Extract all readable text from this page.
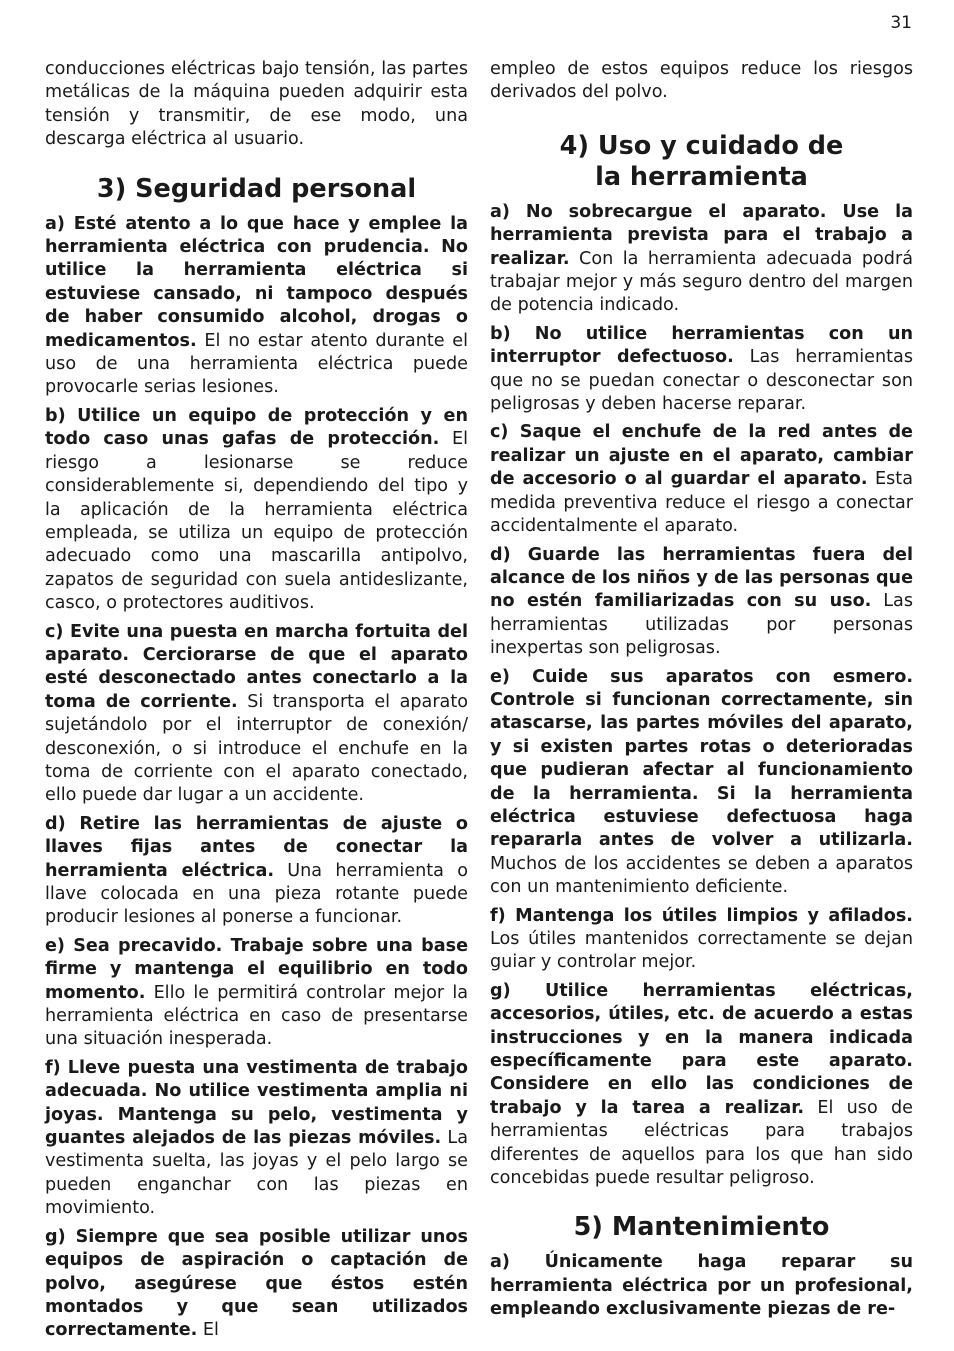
31

conducciones eléctricas bajo tensión, las partes metálicas de la máquina pueden adquirir esta tensión y transmitir, de ese modo, una descarga eléctrica al usuario.

3) Seguridad personal

a) Esté atento a lo que hace y emplee la herramienta eléctrica con prudencia. No utilice la herramienta eléctrica si estuviese cansado, ni tampoco después de haber consumido alcohol, drogas o medicamentos. El no estar atento durante el uso de una herramienta eléctrica puede provocarle serias lesiones.

b) Utilice un equipo de protección y en todo caso unas gafas de protección. El riesgo a lesionarse se reduce considerablemente si, dependiendo del tipo y la aplicación de la herramienta eléctrica empleada, se utiliza un equipo de protección adecuado como una mascarilla antipolvo, zapatos de seguridad con suela antideslizante, casco, o protectores auditivos.

c) Evite una puesta en marcha fortuita del aparato. Cerciorarse de que el aparato esté desconectado antes conectarlo a la toma de corriente. Si transporta el aparato sujetándolo por el interruptor de conexión/ desconexión, o si introduce el enchufe en la toma de corriente con el aparato conectado, ello puede dar lugar a un accidente.

d) Retire las herramientas de ajuste o llaves fijas antes de conectar la herramienta eléctrica. Una herramienta o llave colocada en una pieza rotante puede producir lesiones al ponerse a funcionar.

e) Sea precavido. Trabaje sobre una base firme y mantenga el equilibrio en todo momento. Ello le permitirá controlar mejor la herramienta eléctrica en caso de presentarse una situación inesperada.

f) Lleve puesta una vestimenta de trabajo adecuada. No utilice vestimenta amplia ni joyas. Mantenga su pelo, vestimenta y guantes alejados de las piezas móviles. La vestimenta suelta, las joyas y el pelo largo se pueden enganchar con las piezas en movimiento.

g) Siempre que sea posible utilizar unos equipos de aspiración o captación de polvo, asegúrese que éstos estén montados y que sean utilizados correctamente. El

empleo de estos equipos reduce los riesgos derivados del polvo.

4) Uso y cuidado de
la herramienta

a) No sobrecargue el aparato. Use la herramienta prevista para el trabajo a realizar. Con la herramienta adecuada podrá trabajar mejor y más seguro dentro del margen de potencia indicado.

b) No utilice herramientas con un interruptor defectuoso. Las herramientas que no se puedan conectar o desconectar son peligrosas y deben hacerse reparar.

c) Saque el enchufe de la red antes de realizar un ajuste en el aparato, cambiar de accesorio o al guardar el aparato. Esta medida preventiva reduce el riesgo a conectar accidentalmente el aparato.

d) Guarde las herramientas fuera del alcance de los niños y de las personas que no estén familiarizadas con su uso. Las herramientas utilizadas por personas inexpertas son peligrosas.

e) Cuide sus aparatos con esmero. Controle si funcionan correctamente, sin atascarse, las partes móviles del aparato, y si existen partes rotas o deterioradas que pudieran afectar al funcionamiento de la herramienta. Si la herramienta eléctrica estuviese defectuosa haga repararla antes de volver a utilizarla. Muchos de los accidentes se deben a aparatos con un mantenimiento deficiente.

f) Mantenga los útiles limpios y afilados. Los útiles mantenidos correctamente se dejan guiar y controlar mejor.

g) Utilice herramientas eléctricas, accesorios, útiles, etc. de acuerdo a estas instrucciones y en la manera indicada específicamente para este aparato. Considere en ello las condiciones de trabajo y la tarea a realizar. El uso de herramientas eléctricas para trabajos diferentes de aquellos para los que han sido concebidas puede resultar peligroso.

5) Mantenimiento

a) Únicamente haga reparar su herramienta eléctrica por un profesional, empleando exclusivamente piezas de re-
